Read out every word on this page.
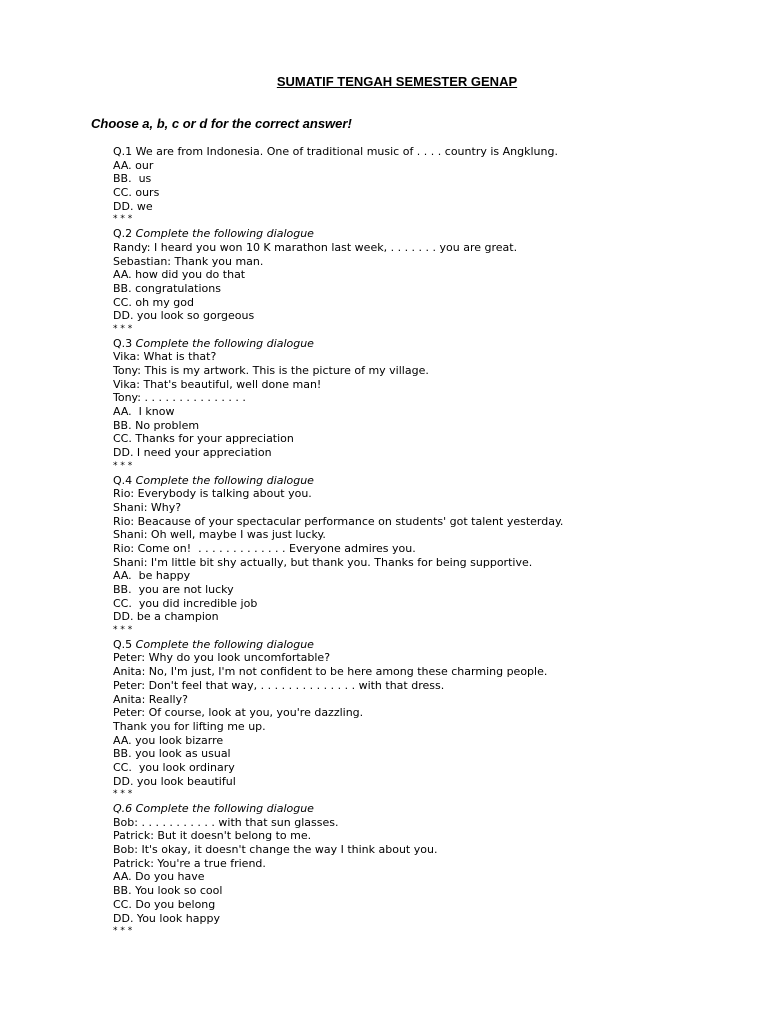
SUMATIF TENGAH SEMESTER GENAP
Choose a, b, c or d for the correct answer!
Q.1 We are from Indonesia. One of traditional music of . . . . country is Angklung.
AA. our
BB.  us
CC. ours
DD. we
* * *
Q.2 Complete the following dialogue
Randy: I heard you won 10 K marathon last week, . . . . . . . you are great.
Sebastian: Thank you man.
AA. how did you do that
BB. congratulations
CC. oh my god
DD. you look so gorgeous
* * *
Q.3 Complete the following dialogue
Vika: What is that?
Tony: This is my artwork. This is the picture of my village.
Vika: That's beautiful, well done man!
Tony: . . . . . . . . . . . . . . .
AA.  I know
BB. No problem
CC. Thanks for your appreciation
DD. I need your appreciation
* * *
Q.4 Complete the following dialogue
Rio: Everybody is talking about you.
Shani: Why?
Rio: Beacause of your spectacular performance on students' got talent yesterday.
Shani: Oh well, maybe I was just lucky.
Rio: Come on!  . . . . . . . . . . . . . Everyone admires you.
Shani: I'm little bit shy actually, but thank you. Thanks for being supportive.
AA.  be happy
BB.  you are not lucky
CC.  you did incredible job
DD. be a champion
* * *
Q.5 Complete the following dialogue
Peter: Why do you look uncomfortable?
Anita: No, I'm just, I'm not confident to be here among these charming people.
Peter: Don't feel that way, . . . . . . . . . . . . . . with that dress.
Anita: Really?
Peter: Of course, look at you, you're dazzling.
Thank you for lifting me up.
AA. you look bizarre
BB. you look as usual
CC.  you look ordinary
DD. you look beautiful
* * *
Q.6 Complete the following dialogue
Bob: . . . . . . . . . . . with that sun glasses.
Patrick: But it doesn't belong to me.
Bob: It's okay, it doesn't change the way I think about you.
Patrick: You're a true friend.
AA. Do you have
BB. You look so cool
CC. Do you belong
DD. You look happy
* * *
